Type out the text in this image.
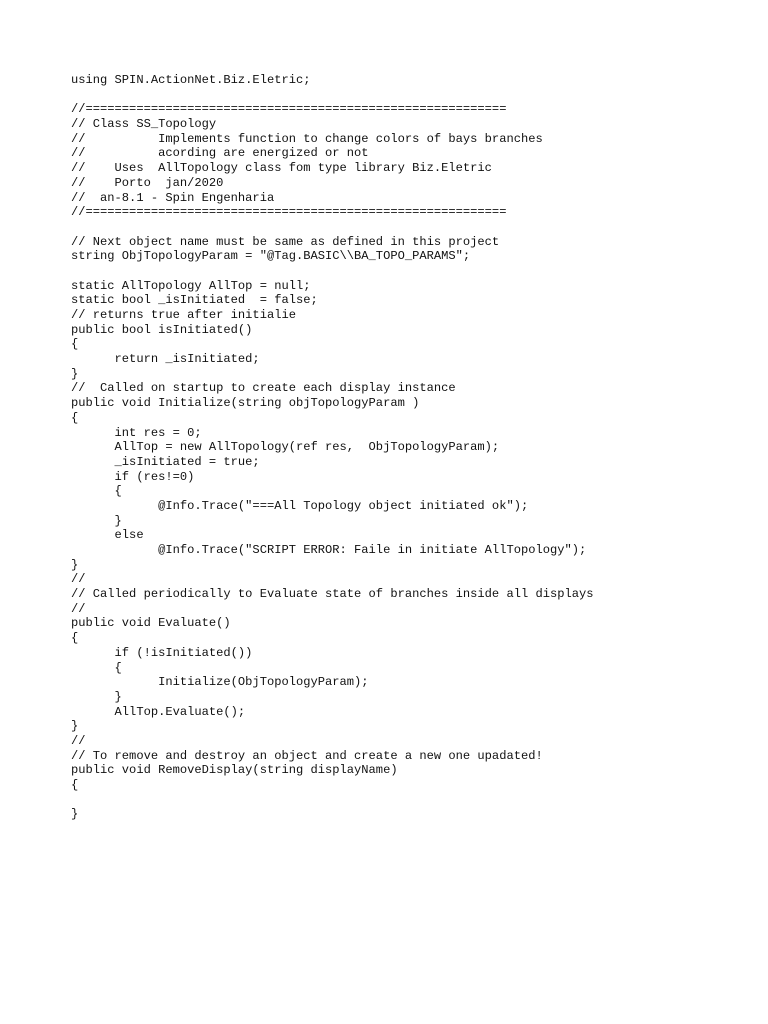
using SPIN.ActionNet.Biz.Eletric;
//==========================================================
// Class SS_Topology
//          Implements function to change colors of bays branches
//          acording are energized or not
//    Uses  AllTopology class fom type library Biz.Eletric
//    Porto  jan/2020
//  an-8.1 - Spin Engenharia
//==========================================================
// Next object name must be same as defined in this project
string ObjTopologyParam = "@Tag.BASIC\\BA_TOPO_PARAMS";
static AllTopology AllTop = null;
static bool _isInitiated  = false;
// returns true after initialie
public bool isInitiated()
{
return _isInitiated;
}
//  Called on startup to create each display instance
public void Initialize(string objTopologyParam )
{
int res = 0;
AllTop = new AllTopology(ref res,  ObjTopologyParam);
_isInitiated = true;
if (res!=0)
{
@Info.Trace("===All Topology object initiated ok");
}
else
@Info.Trace("SCRIPT ERROR: Faile in initiate AllTopology");
}
//
// Called periodically to Evaluate state of branches inside all displays
//
public void Evaluate()
{
if (!isInitiated())
{
Initialize(ObjTopologyParam);
}
AllTop.Evaluate();
}
//
// To remove and destroy an object and create a new one upadated!
public void RemoveDisplay(string displayName)
{
}
